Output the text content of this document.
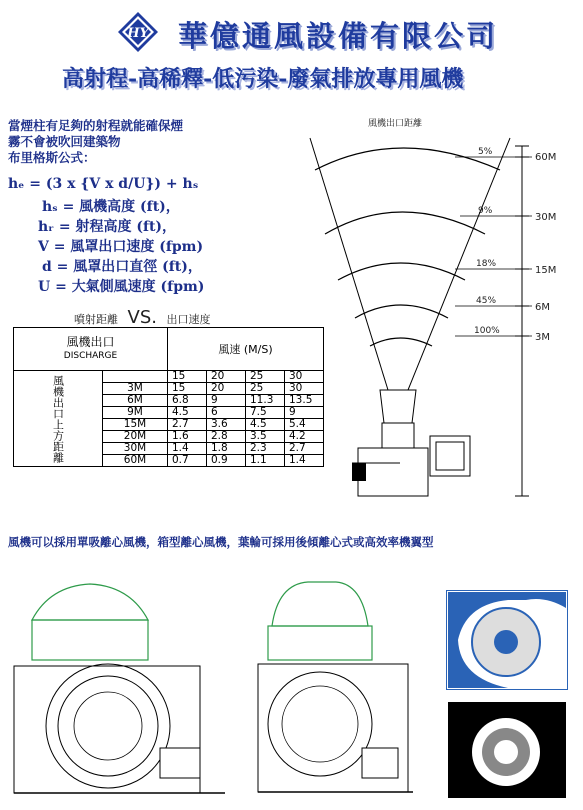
HY 華億通風設備有限公司
高射程-高稀釋-低污染-廢氣排放專用風機
當煙柱有足夠的射程就能確保煙
霧不會被吹回建築物
布里格斯公式：
hₑ = (3 x {V x d/U}) + hₛ
hₛ = 風機高度 (ft)，
hᵣ = 射程高度 (ft)，
V = 風罩出口速度 (fpm)
d = 風罩出口直徑 (ft)，
U = 大氣側風速度 (fpm)
噴射距離 VS. 出口速度
風機出口
DISCHARGE		風速 (M/S)			

風機出口上方距離		15	20	25	30
	3M	15	20	25	30
	6M	6.8	9	11.3	13.5
	9M	4.5	6	7.5	9
	15M	2.7	3.6	4.5	5.4
	20M	1.6	2.8	3.5	4.2
	30M	1.4	1.8	2.3	2.7
	60M	0.7	0.9	1.1	1.4
風機出口距離
5%
9%
18%
45%
100%
60M
30M
15M
6M
3M
風機可以採用單吸離心風機，箱型離心風機，葉輪可採用後傾離心式或高效率機翼型
